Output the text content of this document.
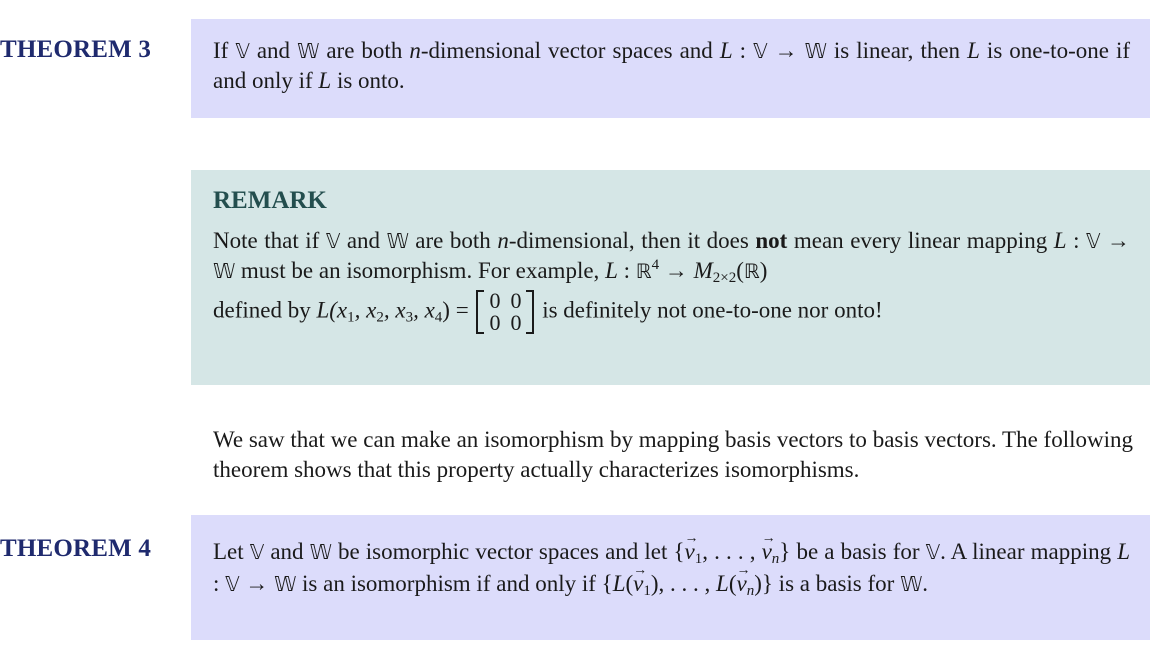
THEOREM 3	If 𝕍 and 𝕎 are both n-dimensional vector spaces and L : 𝕍 → 𝕎 is linear, then L is one-to-one if and only if L is onto.
REMARK
Note that if 𝕍 and 𝕎 are both n-dimensional, then it does not mean every linear mapping L : 𝕍 → 𝕎 must be an isomorphism. For example, L : ℝ$^4$ → $M_{2\times 2}(ℝ)$
defined by $L(x_1$, $x_2$, $x_3$, $x_4) = 0$	0
0	0
is definitely not one-to-one nor onto!
We saw that we can make an isomorphism by mapping basis vectors to basis vectors. The following theorem shows that this property actually characterizes isomorphisms.
THEOREM 4	Let 𝕍 and 𝕎 be isomorphic vector spaces and let {→ $v_1$, . . . , → $v_n$} be a basis for 𝕍. A linear mapping L : 𝕍 → 𝕎 is an isomorphism if and only if {$L(\to v_1)$, . . . , $L(\to v_n)$} is a basis for 𝕎.
